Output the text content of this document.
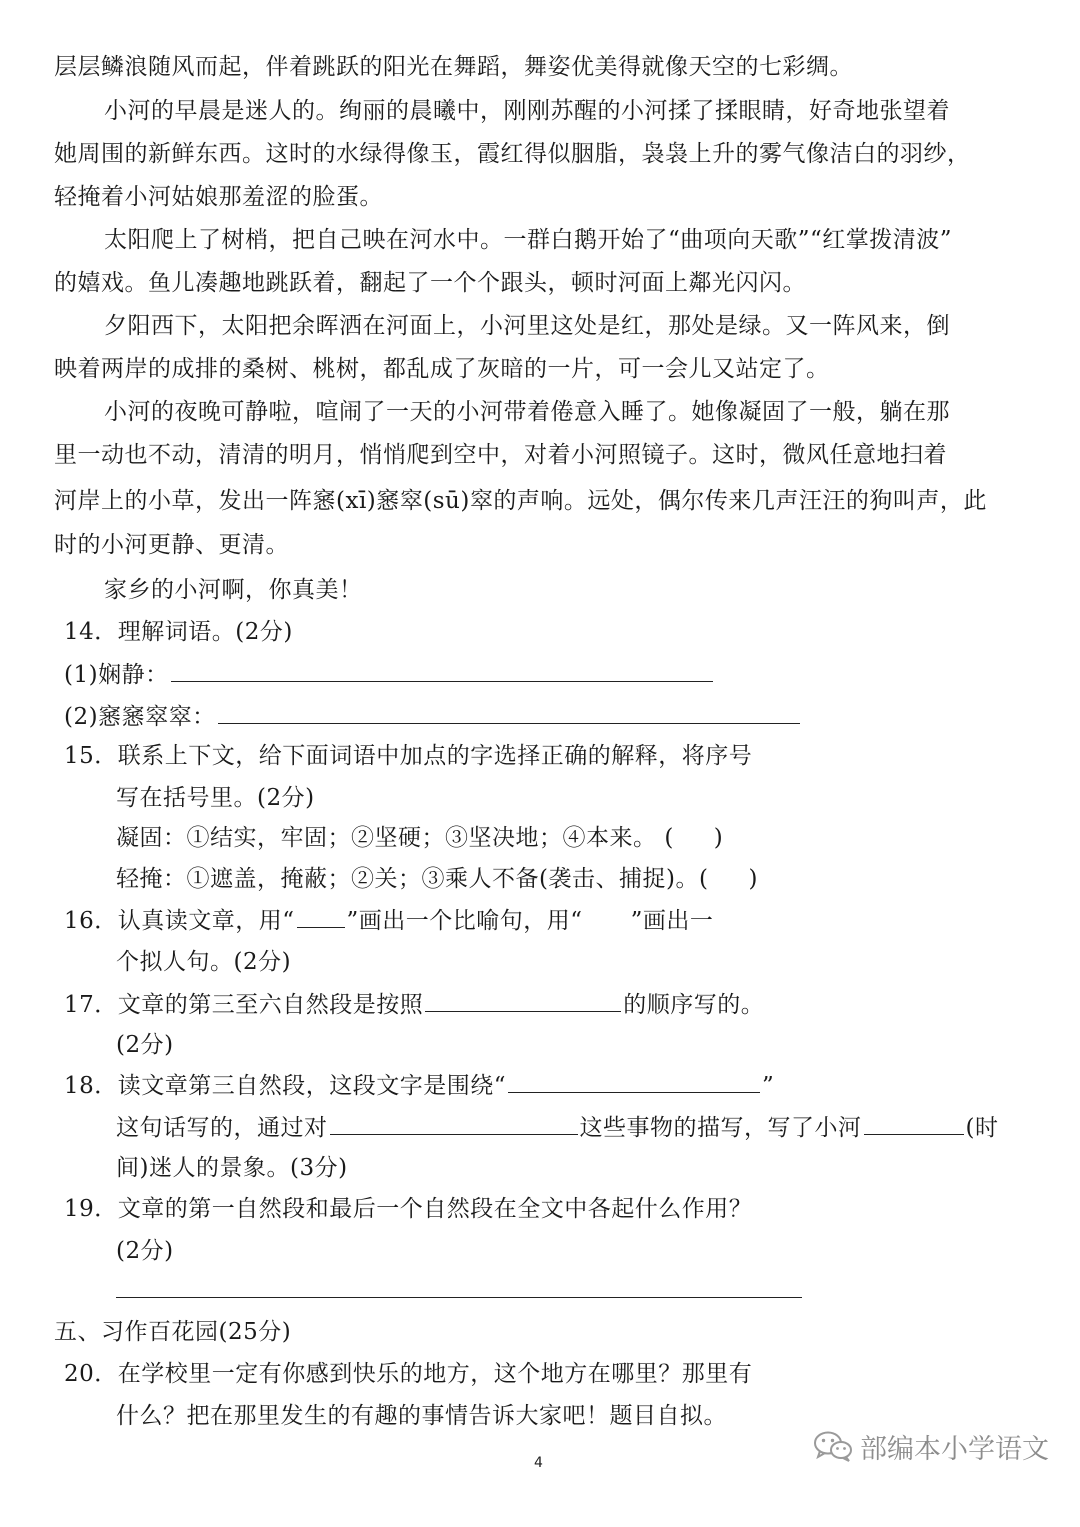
层层鳞浪随风而起，伴着跳跃的阳光在舞蹈，舞姿优美得就像天空的七彩绸。
小河的早晨是迷人的。绚丽的晨曦中，刚刚苏醒的小河揉了揉眼睛，好奇地张望着
她周围的新鲜东西。这时的水绿得像玉，霞红得似胭脂，袅袅上升的雾气像洁白的羽纱，
轻掩着小河姑娘那羞涩的脸蛋。
太阳爬上了树梢，把自己映在河水中。一群白鹅开始了“曲项向天歌”“红掌拨清波”
的嬉戏。鱼儿凑趣地跳跃着，翻起了一个个跟头，顿时河面上鄰光闪闪。
夕阳西下，太阳把余晖洒在河面上，小河里这处是红，那处是绿。又一阵风来，倒
映着两岸的成排的桑树、桃树，都乱成了灰暗的一片，可一会儿又站定了。
小河的夜晚可静啦，喧闹了一天的小河带着倦意入睡了。她像凝固了一般，躺在那
里一动也不动，清清的明月，悄悄爬到空中，对着小河照镜子。这时，微风任意地扫着
河岸上的小草，发出一阵窸(xī)窸窣(sū)窣的声响。远处，偶尔传来几声汪汪的狗叫声，此
时的小河更静、更清。
家乡的小河啊，你真美！
14．理解词语。(2分)
(1)娴静：
(2)窸窸窣窣：
15．联系上下文，给下面词语中加点的字选择正确的解释，将序号
写在括号里。(2分)
凝固：①结实，牢固；②坚硬；③坚决地；④本来。 ( )
轻掩：①遮盖，掩蔽；②关；③乘人不备(袭击、捕捉)。( )
16．认真读文章，用“ ”画出一个比喻句，用“ ”画出一
个拟人句。(2分)
17．文章的第三至六自然段是按照	的顺序写的。
(2分)
18．读文章第三自然段，这段文字是围绕“	”
这句话写的，通过对	这些事物的描写，写了小河	(时
间)迷人的景象。(3分)
19．文章的第一自然段和最后一个自然段在全文中各起什么作用？
(2分)
五、习作百花园(25分)
20．在学校里一定有你感到快乐的地方，这个地方在哪里？那里有
什么？把在那里发生的有趣的事情告诉大家吧！题目自拟。
部编本小学语文
4
